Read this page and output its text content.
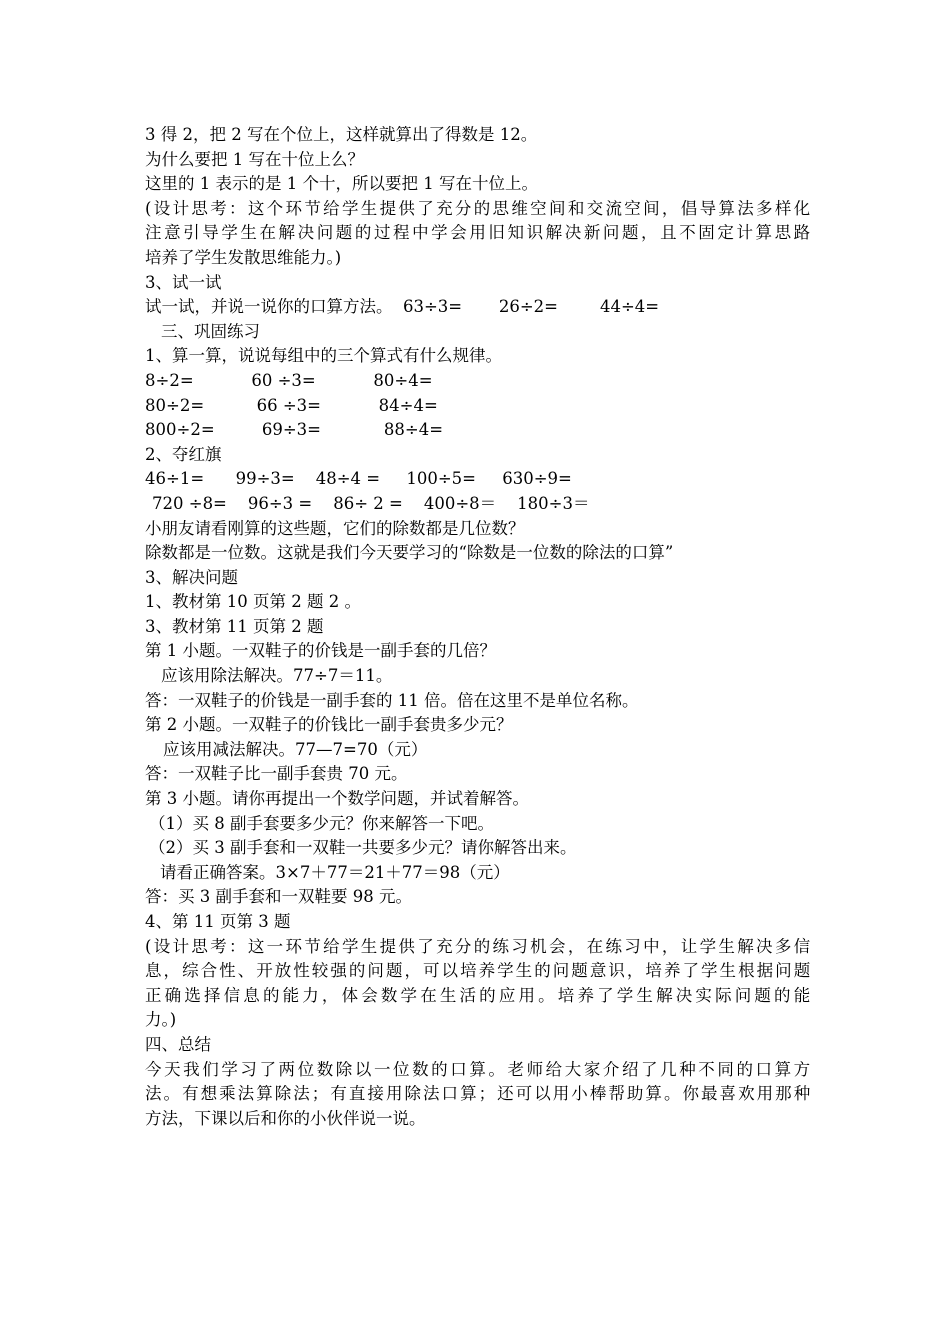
3 得 2，把 2 写在个位上，这样就算出了得数是 12。
为什么要把 1 写在十位上么？
这里的 1 表示的是 1 个十，所以要把 1 写在十位上。
(设计思考：这个环节给学生提供了充分的思维空间和交流空间，倡导算法多样化
注意引导学生在解决问题的过程中学会用旧知识解决新问题，且不固定计算思路
培养了学生发散思维能力。)
3、试一试
试一试，并说一说你的口算方法。  63÷3=       26÷2=        44÷4=
三、巩固练习
1、算一算，说说每组中的三个算式有什么规律。
8÷2=           60 ÷3=           80÷4=
80÷2=          66 ÷3=           84÷4=
800÷2=         69÷3=            88÷4=
2、夺红旗
46÷1=      99÷3=    48÷4 =     100÷5=     630÷9=
720 ÷8=    96÷3 =    86÷ 2 =    400÷8＝    180÷3＝
小朋友请看刚算的这些题，它们的除数都是几位数？
除数都是一位数。这就是我们今天要学习的“除数是一位数的除法的口算”
3、解决问题
1、教材第 10 页第 2 题 2 。
3、教材第 11 页第 2 题
第 1 小题。一双鞋子的价钱是一副手套的几倍？
应该用除法解决。77÷7＝11。
答：一双鞋子的价钱是一副手套的 11 倍。倍在这里不是单位名称。
第 2 小题。一双鞋子的价钱比一副手套贵多少元？
应该用减法解决。77—7=70（元）
答：一双鞋子比一副手套贵 70 元。
第 3 小题。请你再提出一个数学问题，并试着解答。
（1）买 8 副手套要多少元？你来解答一下吧。
（2）买 3 副手套和一双鞋一共要多少元？请你解答出来。
请看正确答案。3×7＋77＝21＋77＝98（元）
答：买 3 副手套和一双鞋要 98 元。
4、第 11 页第 3 题
(设计思考：这一环节给学生提供了充分的练习机会，在练习中，让学生解决多信
息，综合性、开放性较强的问题，可以培养学生的问题意识，培养了学生根据问题
正确选择信息的能力，体会数学在生活的应用。培养了学生解决实际问题的能
力。)
四、总结
今天我们学习了两位数除以一位数的口算。老师给大家介绍了几种不同的口算方
法。有想乘法算除法；有直接用除法口算；还可以用小棒帮助算。你最喜欢用那种
方法，下课以后和你的小伙伴说一说。
